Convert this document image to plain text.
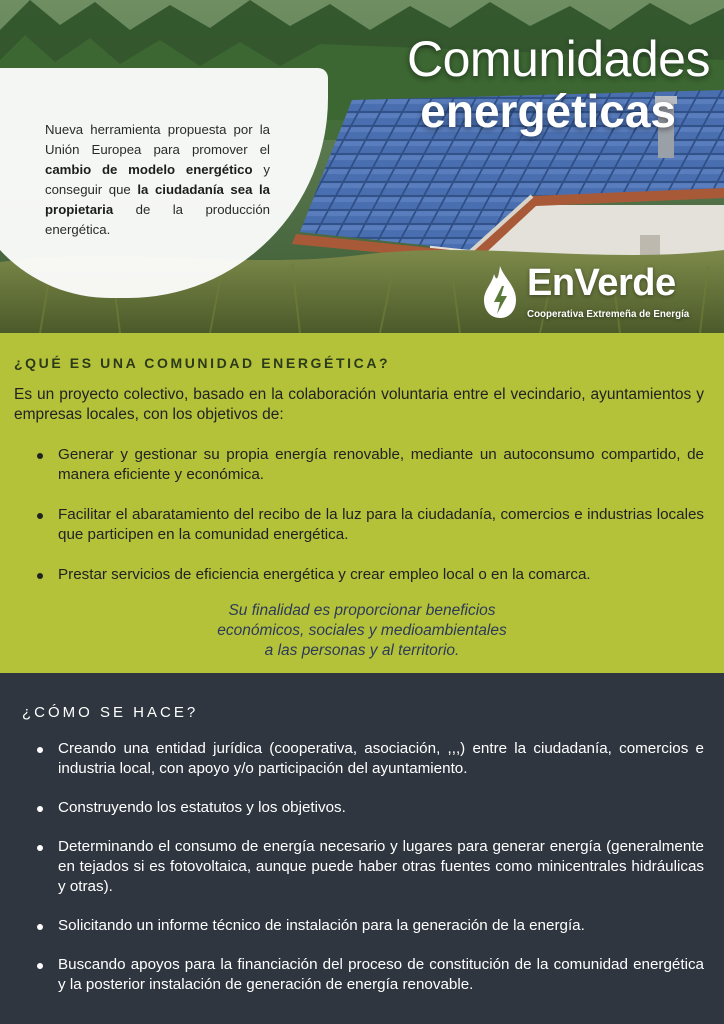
Nueva herramienta propuesta por la Unión Europea para promover el cambio de modelo energético y conseguir que la ciudadanía sea la propietaria de la producción energética.
Comunidades
energéticas
EnVerde
Cooperativa Extremeña de Energía
¿QUÉ ES UNA COMUNIDAD ENERGÉTICA?
Es un proyecto colectivo, basado en la colaboración voluntaria entre el vecindario, ayuntamientos y empresas locales, con los objetivos de:
Generar y gestionar su propia energía renovable, mediante un autoconsumo compartido, de manera eficiente y económica.
Facilitar el abaratamiento del recibo de la luz para la ciudadanía, comercios e industrias locales que participen en la comunidad energética.
Prestar servicios de eficiencia energética y crear empleo local o en la comarca.
Su finalidad es proporcionar beneficios
económicos, sociales y medioambientales
a las personas y al territorio.
¿CÓMO SE HACE?
Creando una entidad jurídica (cooperativa, asociación, ,,,) entre la ciudadanía, comercios e industria local, con apoyo y/o participación del ayuntamiento.
Construyendo los estatutos y los objetivos.
Determinando el consumo de energía necesario y lugares para generar energía (generalmente en tejados si es fotovoltaica, aunque puede haber otras fuentes como minicentrales hidráulicas y otras).
Solicitando un informe técnico de instalación para la generación de la energía.
Buscando apoyos para la financiación del proceso de constitución de la comunidad energética y la posterior instalación de generación de energía renovable.
